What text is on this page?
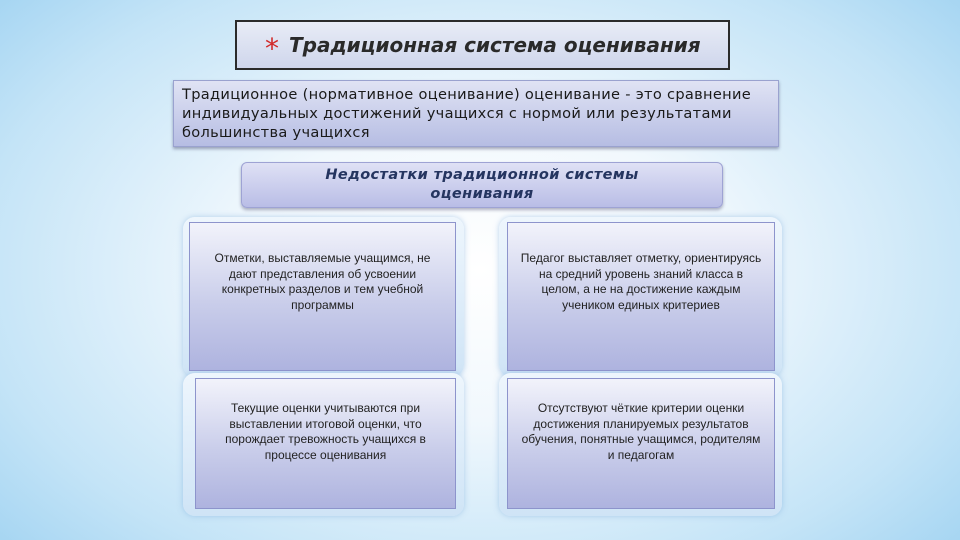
* Традиционная система оценивания
Традиционное (нормативное оценивание) оценивание - это сравнение индивидуальных достижений учащихся с нормой или результатами большинства учащихся
Недостатки традиционной системы оценивания
Отметки, выставляемые учащимся, не дают представления об усвоении конкретных разделов и тем учебной программы
Педагог выставляет отметку, ориентируясь на средний уровень знаний класса в целом, а не на достижение каждым учеником единых критериев
Текущие оценки учитываются при выставлении итоговой оценки, что порождает тревожность учащихся в процессе оценивания
Отсутствуют чёткие критерии оценки достижения планируемых результатов обучения, понятные учащимся, родителям и педагогам
